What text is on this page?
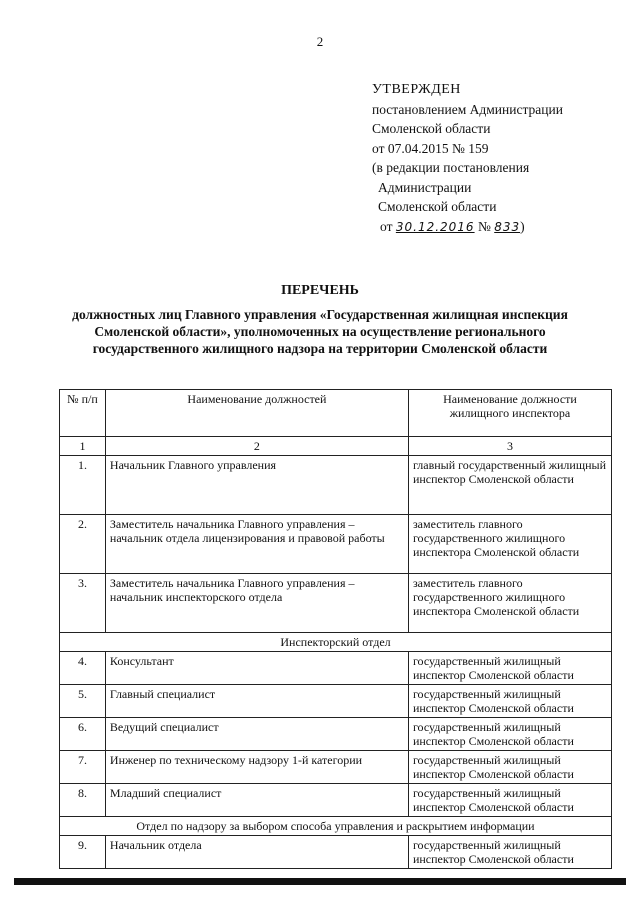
2
УТВЕРЖДЕН
постановлением Администрации
Смоленской области
от 07.04.2015 № 159
(в редакции постановления
Администрации
Смоленской области
от 30.12.2016 № 833)
ПЕРЕЧЕНЬ
должностных лиц Главного управления «Государственная жилищная инспекция Смоленской области», уполномоченных на осуществление регионального государственного жилищного надзора на территории Смоленской области
№ п/п	Наименование должностей	Наименование должности жилищного инспектора
1	2	3
1.	Начальник Главного управления	главный государственный жилищный инспектор Смоленской области
2.	Заместитель начальника Главного управления – начальник отдела лицензирования и правовой работы	заместитель главного государственного жилищного инспектора Смоленской области
3.	Заместитель начальника Главного управления – начальник инспекторского отдела	заместитель главного государственного жилищного инспектора Смоленской области
Инспекторский отдел		
4.	Консультант	государственный жилищный инспектор Смоленской области
5.	Главный специалист	государственный жилищный инспектор Смоленской области
6.	Ведущий специалист	государственный жилищный инспектор Смоленской области
7.	Инженер по техническому надзору 1-й категории	государственный жилищный инспектор Смоленской области
8.	Младший специалист	государственный жилищный инспектор Смоленской области
Отдел по надзору за выбором способа управления и раскрытием информации		
9.	Начальник отдела	государственный жилищный инспектор Смоленской области
